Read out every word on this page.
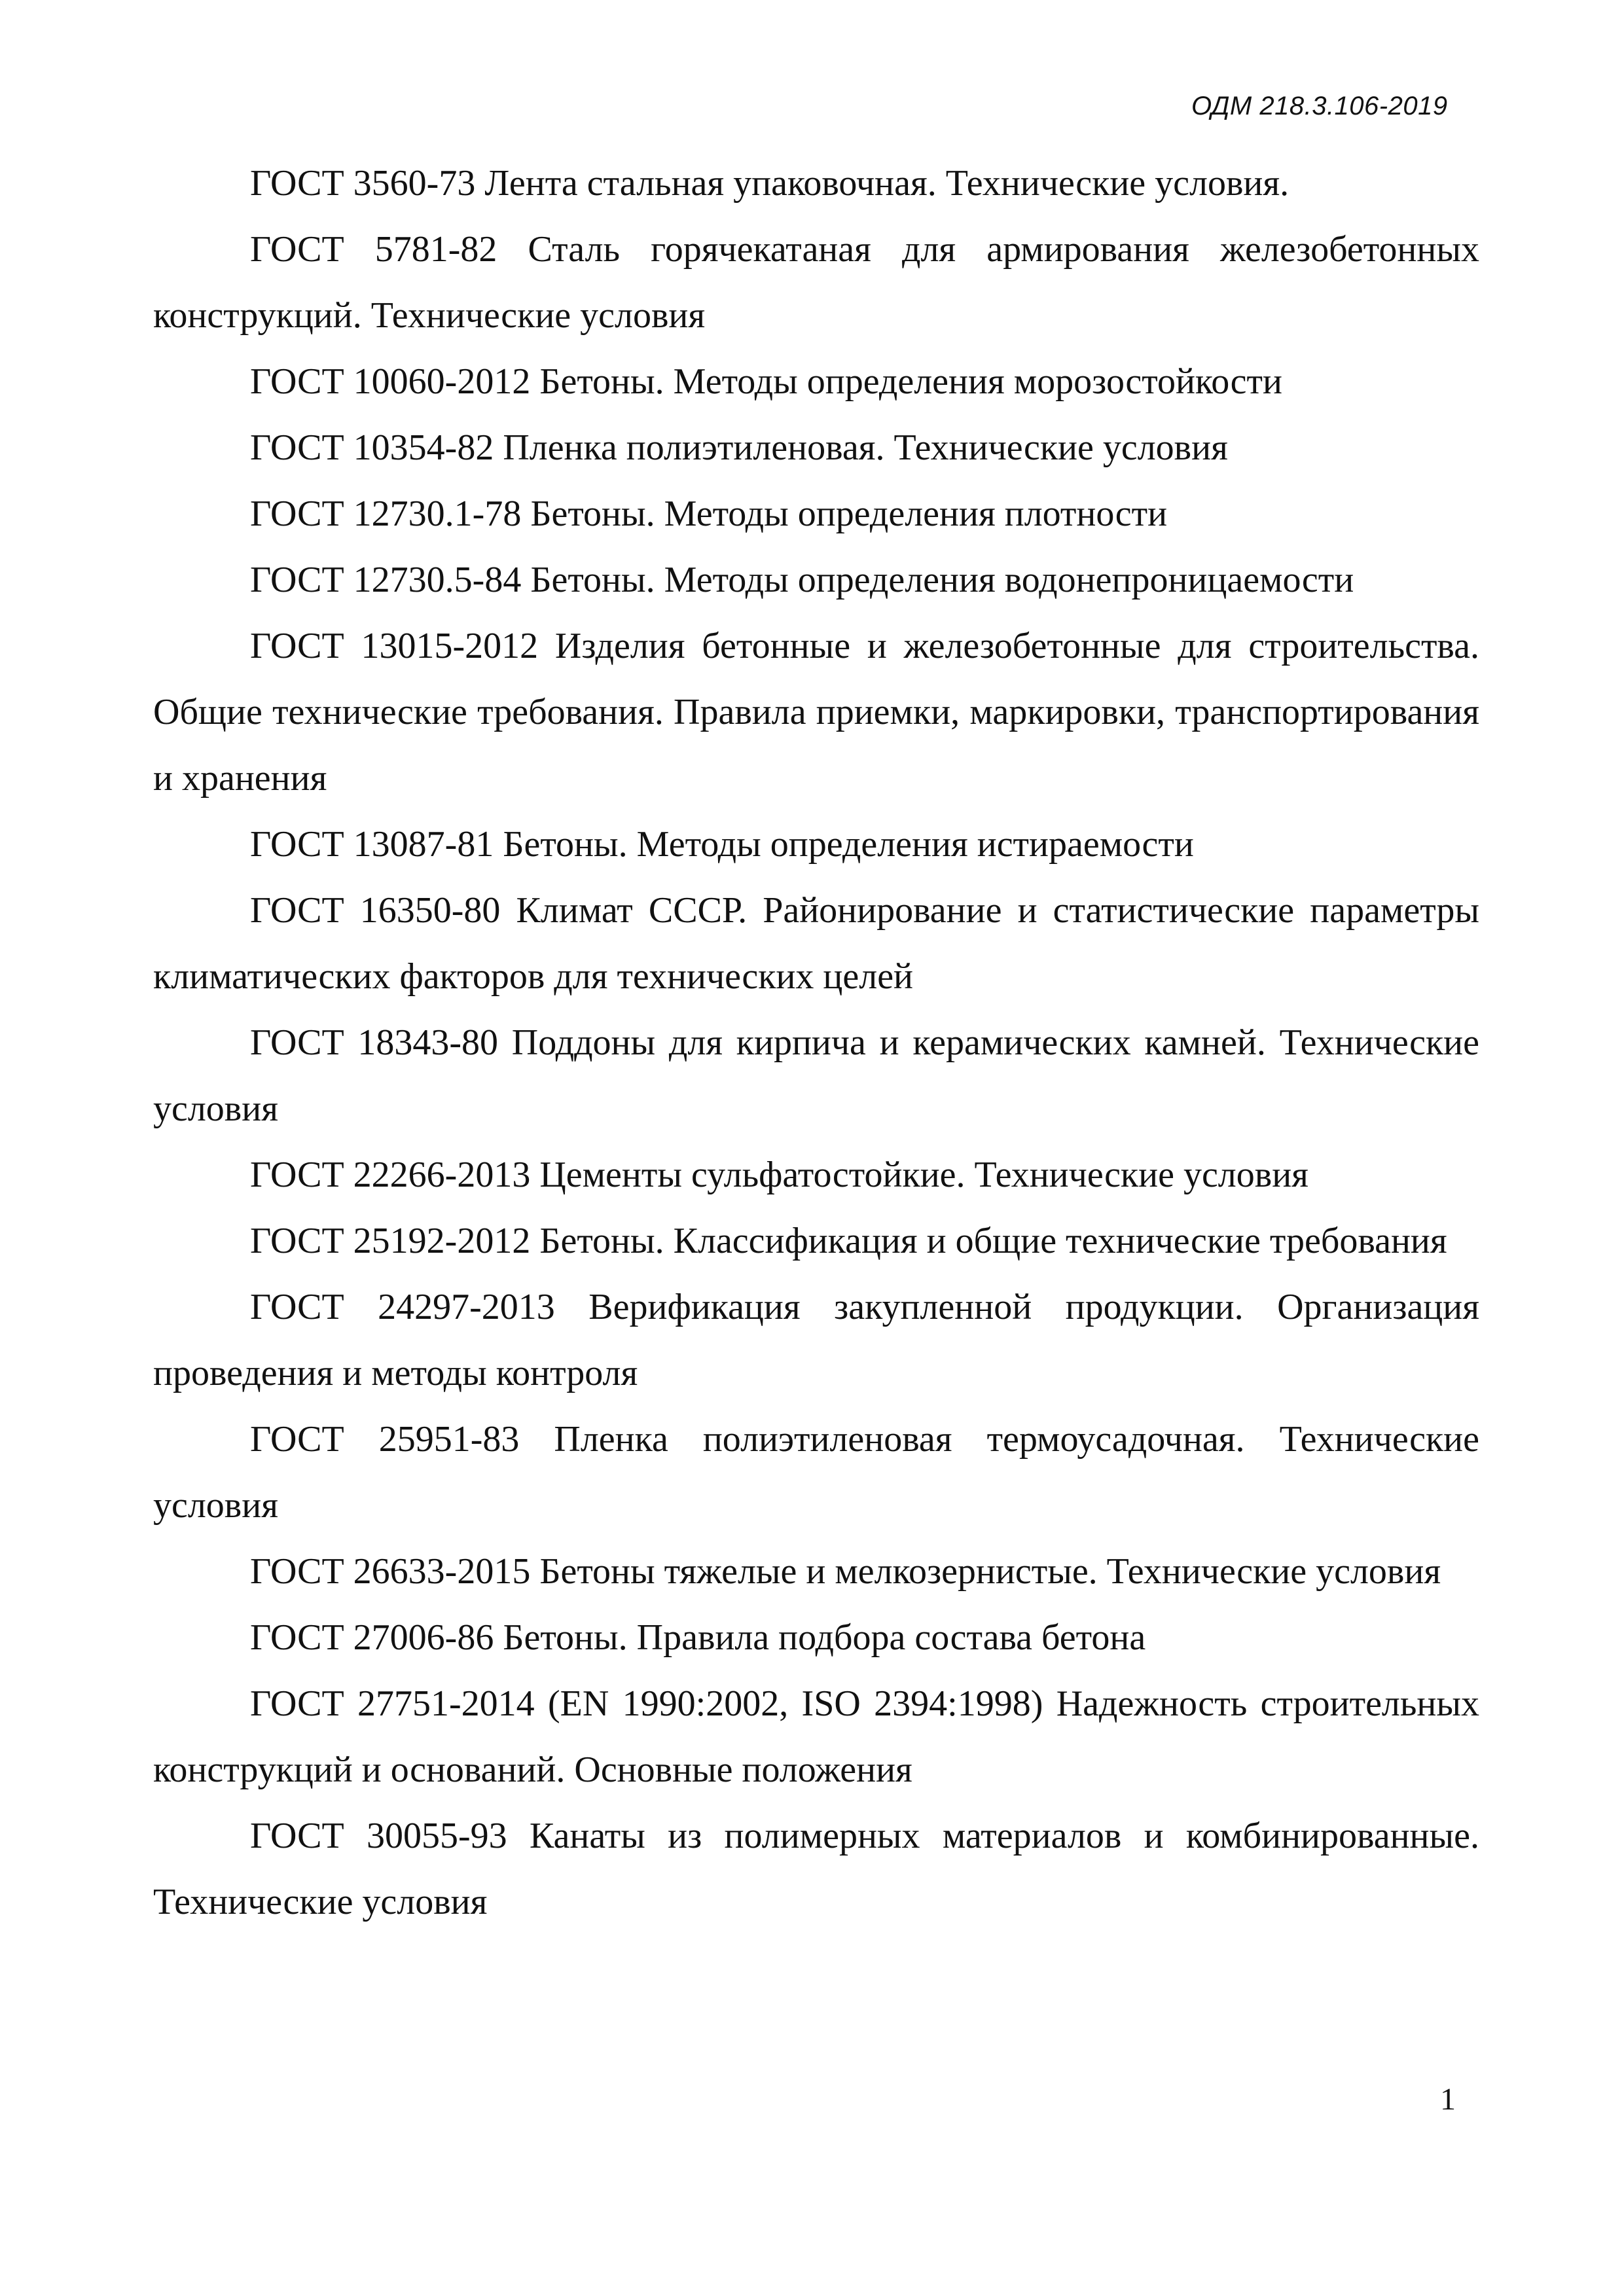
ОДМ 218.3.106-2019

ГОСТ 3560-73 Лента стальная упаковочная. Технические условия.

ГОСТ 5781-82 Сталь горячекатаная для армирования железобетонных конструкций. Технические условия

ГОСТ 10060-2012 Бетоны. Методы определения морозостойкости

ГОСТ 10354-82 Пленка полиэтиленовая. Технические условия

ГОСТ 12730.1-78 Бетоны. Методы определения плотности

ГОСТ 12730.5-84 Бетоны. Методы определения водонепроницаемости

ГОСТ 13015-2012 Изделия бетонные и железобетонные для строительства. Общие технические требования. Правила приемки, маркировки, транспортирования и хранения

ГОСТ 13087-81 Бетоны. Методы определения истираемости

ГОСТ 16350-80 Климат СССР. Районирование и статистические параметры климатических факторов для технических целей

ГОСТ 18343-80 Поддоны для кирпича и керамических камней. Технические условия

ГОСТ 22266-2013 Цементы сульфатостойкие. Технические условия

ГОСТ 25192-2012 Бетоны. Классификация и общие технические требования

ГОСТ 24297-2013 Верификация закупленной продукции. Организация проведения и методы контроля

ГОСТ 25951-83 Пленка полиэтиленовая термоусадочная. Технические условия

ГОСТ 26633-2015 Бетоны тяжелые и мелкозернистые. Технические условия

ГОСТ 27006-86 Бетоны. Правила подбора состава бетона

ГОСТ 27751-2014 (EN 1990:2002, ISO 2394:1998) Надежность строительных конструкций и оснований. Основные положения

ГОСТ 30055-93 Канаты из полимерных материалов и комбинированные. Технические условия

1
